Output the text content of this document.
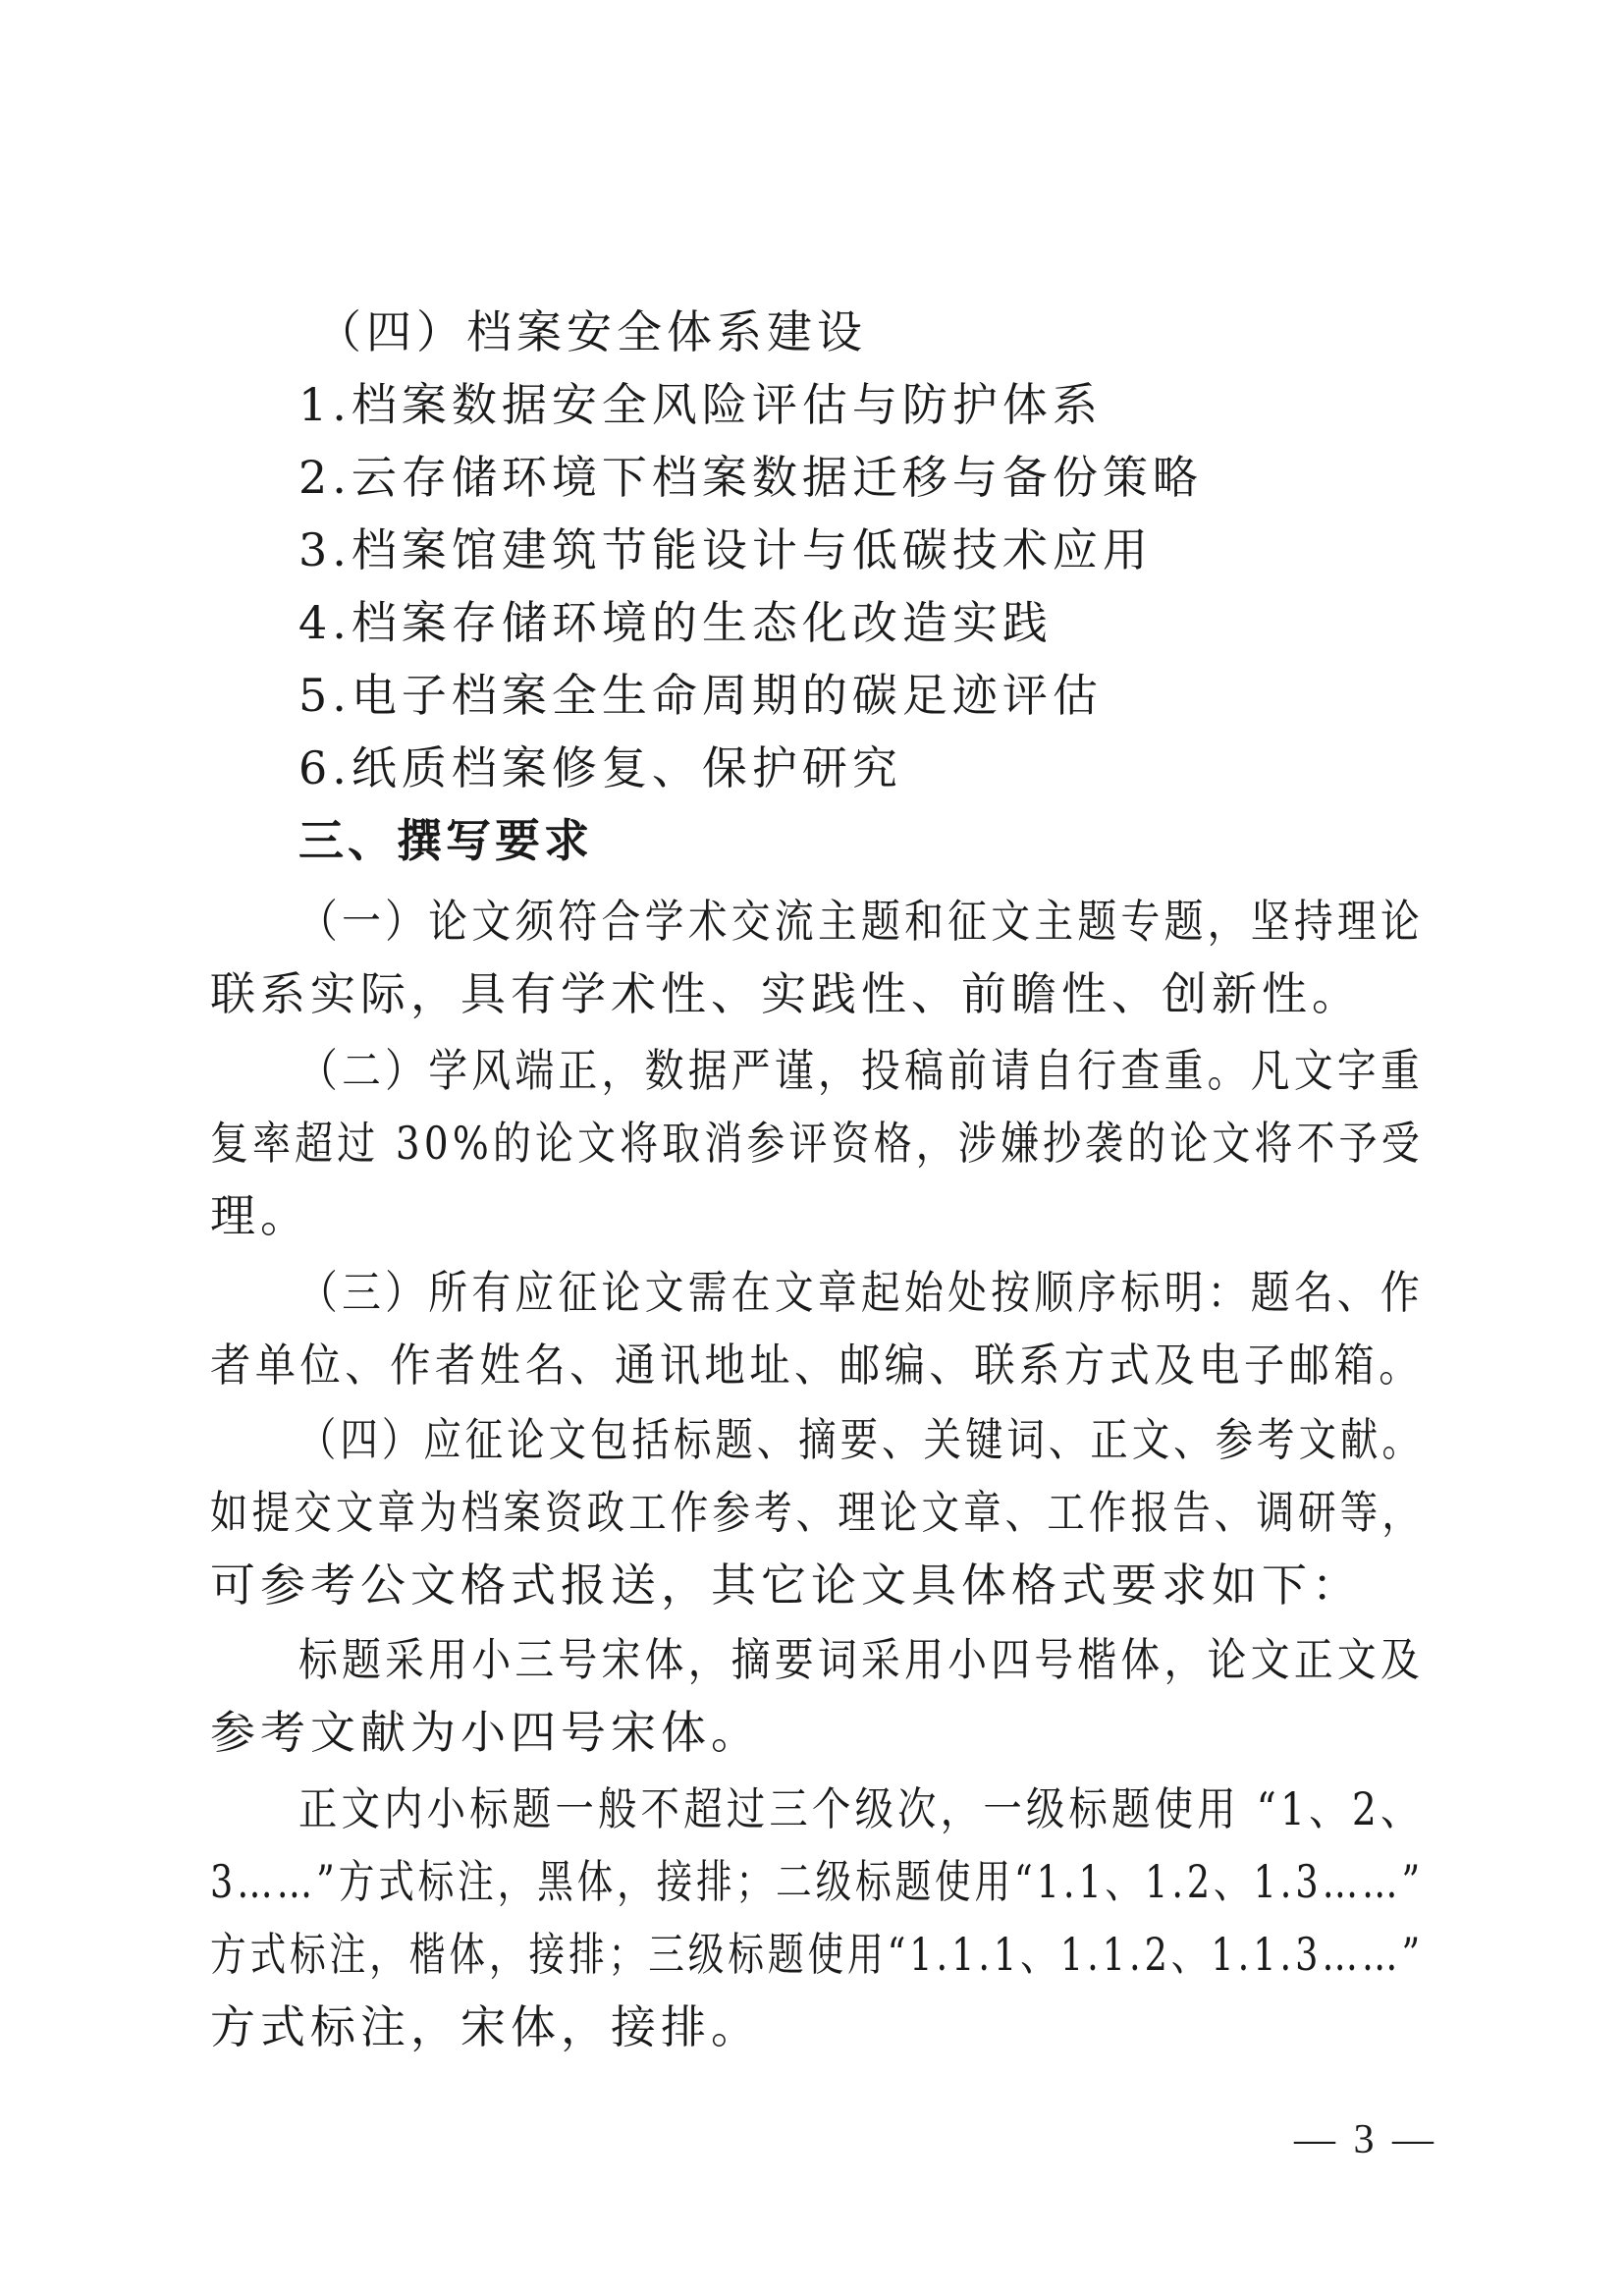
（四）档案安全体系建设
1.档案数据安全风险评估与防护体系
2.云存储环境下档案数据迁移与备份策略
3.档案馆建筑节能设计与低碳技术应用
4.档案存储环境的生态化改造实践
5.电子档案全生命周期的碳足迹评估
6.纸质档案修复、保护研究
三、撰写要求
（一）论文须符合学术交流主题和征文主题专题，坚持理论
联系实际，具有学术性、实践性、前瞻性、创新性。
（二）学风端正，数据严谨，投稿前请自行查重。凡文字重
复率超过 30%的论文将取消参评资格，涉嫌抄袭的论文将不予受
理。
（三）所有应征论文需在文章起始处按顺序标明：题名、作
者单位、作者姓名、通讯地址、邮编、联系方式及电子邮箱。
（四）应征论文包括标题、摘要、关键词、正文、参考文献。
如提交文章为档案资政工作参考、理论文章、工作报告、调研等，
可参考公文格式报送，其它论文具体格式要求如下：
标题采用小三号宋体，摘要词采用小四号楷体，论文正文及
参考文献为小四号宋体。
正文内小标题一般不超过三个级次，一级标题使用 “1、2、
3……”方式标注，黑体，接排；二级标题使用“1.1、1.2、1.3……”
方式标注，楷体，接排；三级标题使用“1.1.1、1.1.2、1.1.3……”
方式标注，宋体，接排。
— 3 —
